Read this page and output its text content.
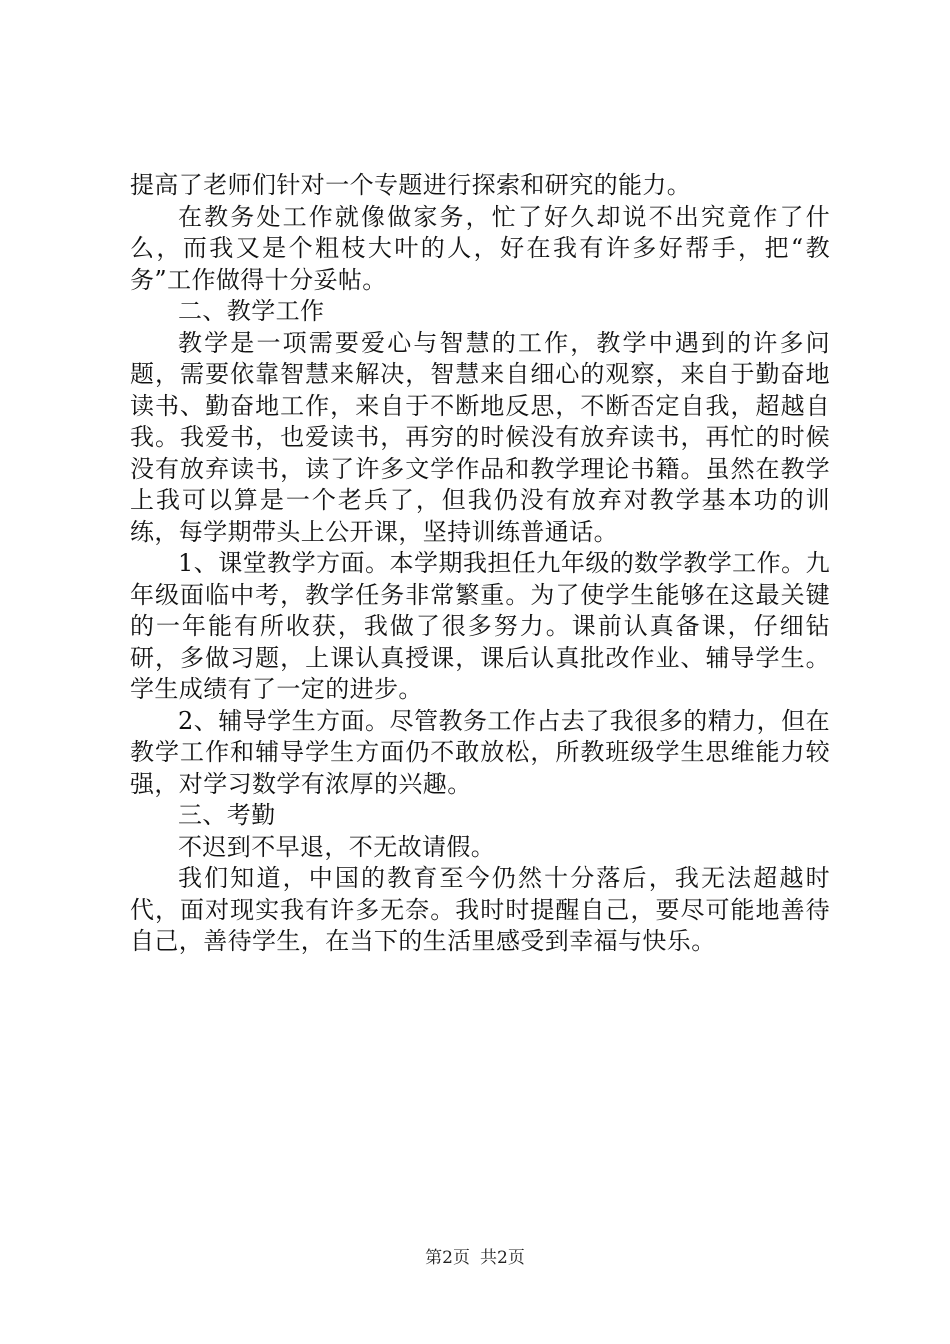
提高了老师们针对一个专题进行探索和研究的能力。

在教务处工作就像做家务，忙了好久却说不出究竟作了什么，而我又是个粗枝大叶的人，好在我有许多好帮手，把“教务”工作做得十分妥帖。

二、教学工作

教学是一项需要爱心与智慧的工作，教学中遇到的许多问题，需要依靠智慧来解决，智慧来自细心的观察，来自于勤奋地读书、勤奋地工作，来自于不断地反思，不断否定自我，超越自我。我爱书，也爱读书，再穷的时候没有放弃读书，再忙的时候没有放弃读书，读了许多文学作品和教学理论书籍。虽然在教学上我可以算是一个老兵了，但我仍没有放弃对教学基本功的训练，每学期带头上公开课，坚持训练普通话。

1、课堂教学方面。本学期我担任九年级的数学教学工作。九年级面临中考，教学任务非常繁重。为了使学生能够在这最关键的一年能有所收获，我做了很多努力。课前认真备课，仔细钻研，多做习题，上课认真授课，课后认真批改作业、辅导学生。学生成绩有了一定的进步。

2、辅导学生方面。尽管教务工作占去了我很多的精力，但在教学工作和辅导学生方面仍不敢放松，所教班级学生思维能力较强，对学习数学有浓厚的兴趣。

三、考勤

不迟到不早退，不无故请假。

我们知道，中国的教育至今仍然十分落后，我无法超越时代，面对现实我有许多无奈。我时时提醒自己，要尽可能地善待自己，善待学生，在当下的生活里感受到幸福与快乐。

第2页 共2页
